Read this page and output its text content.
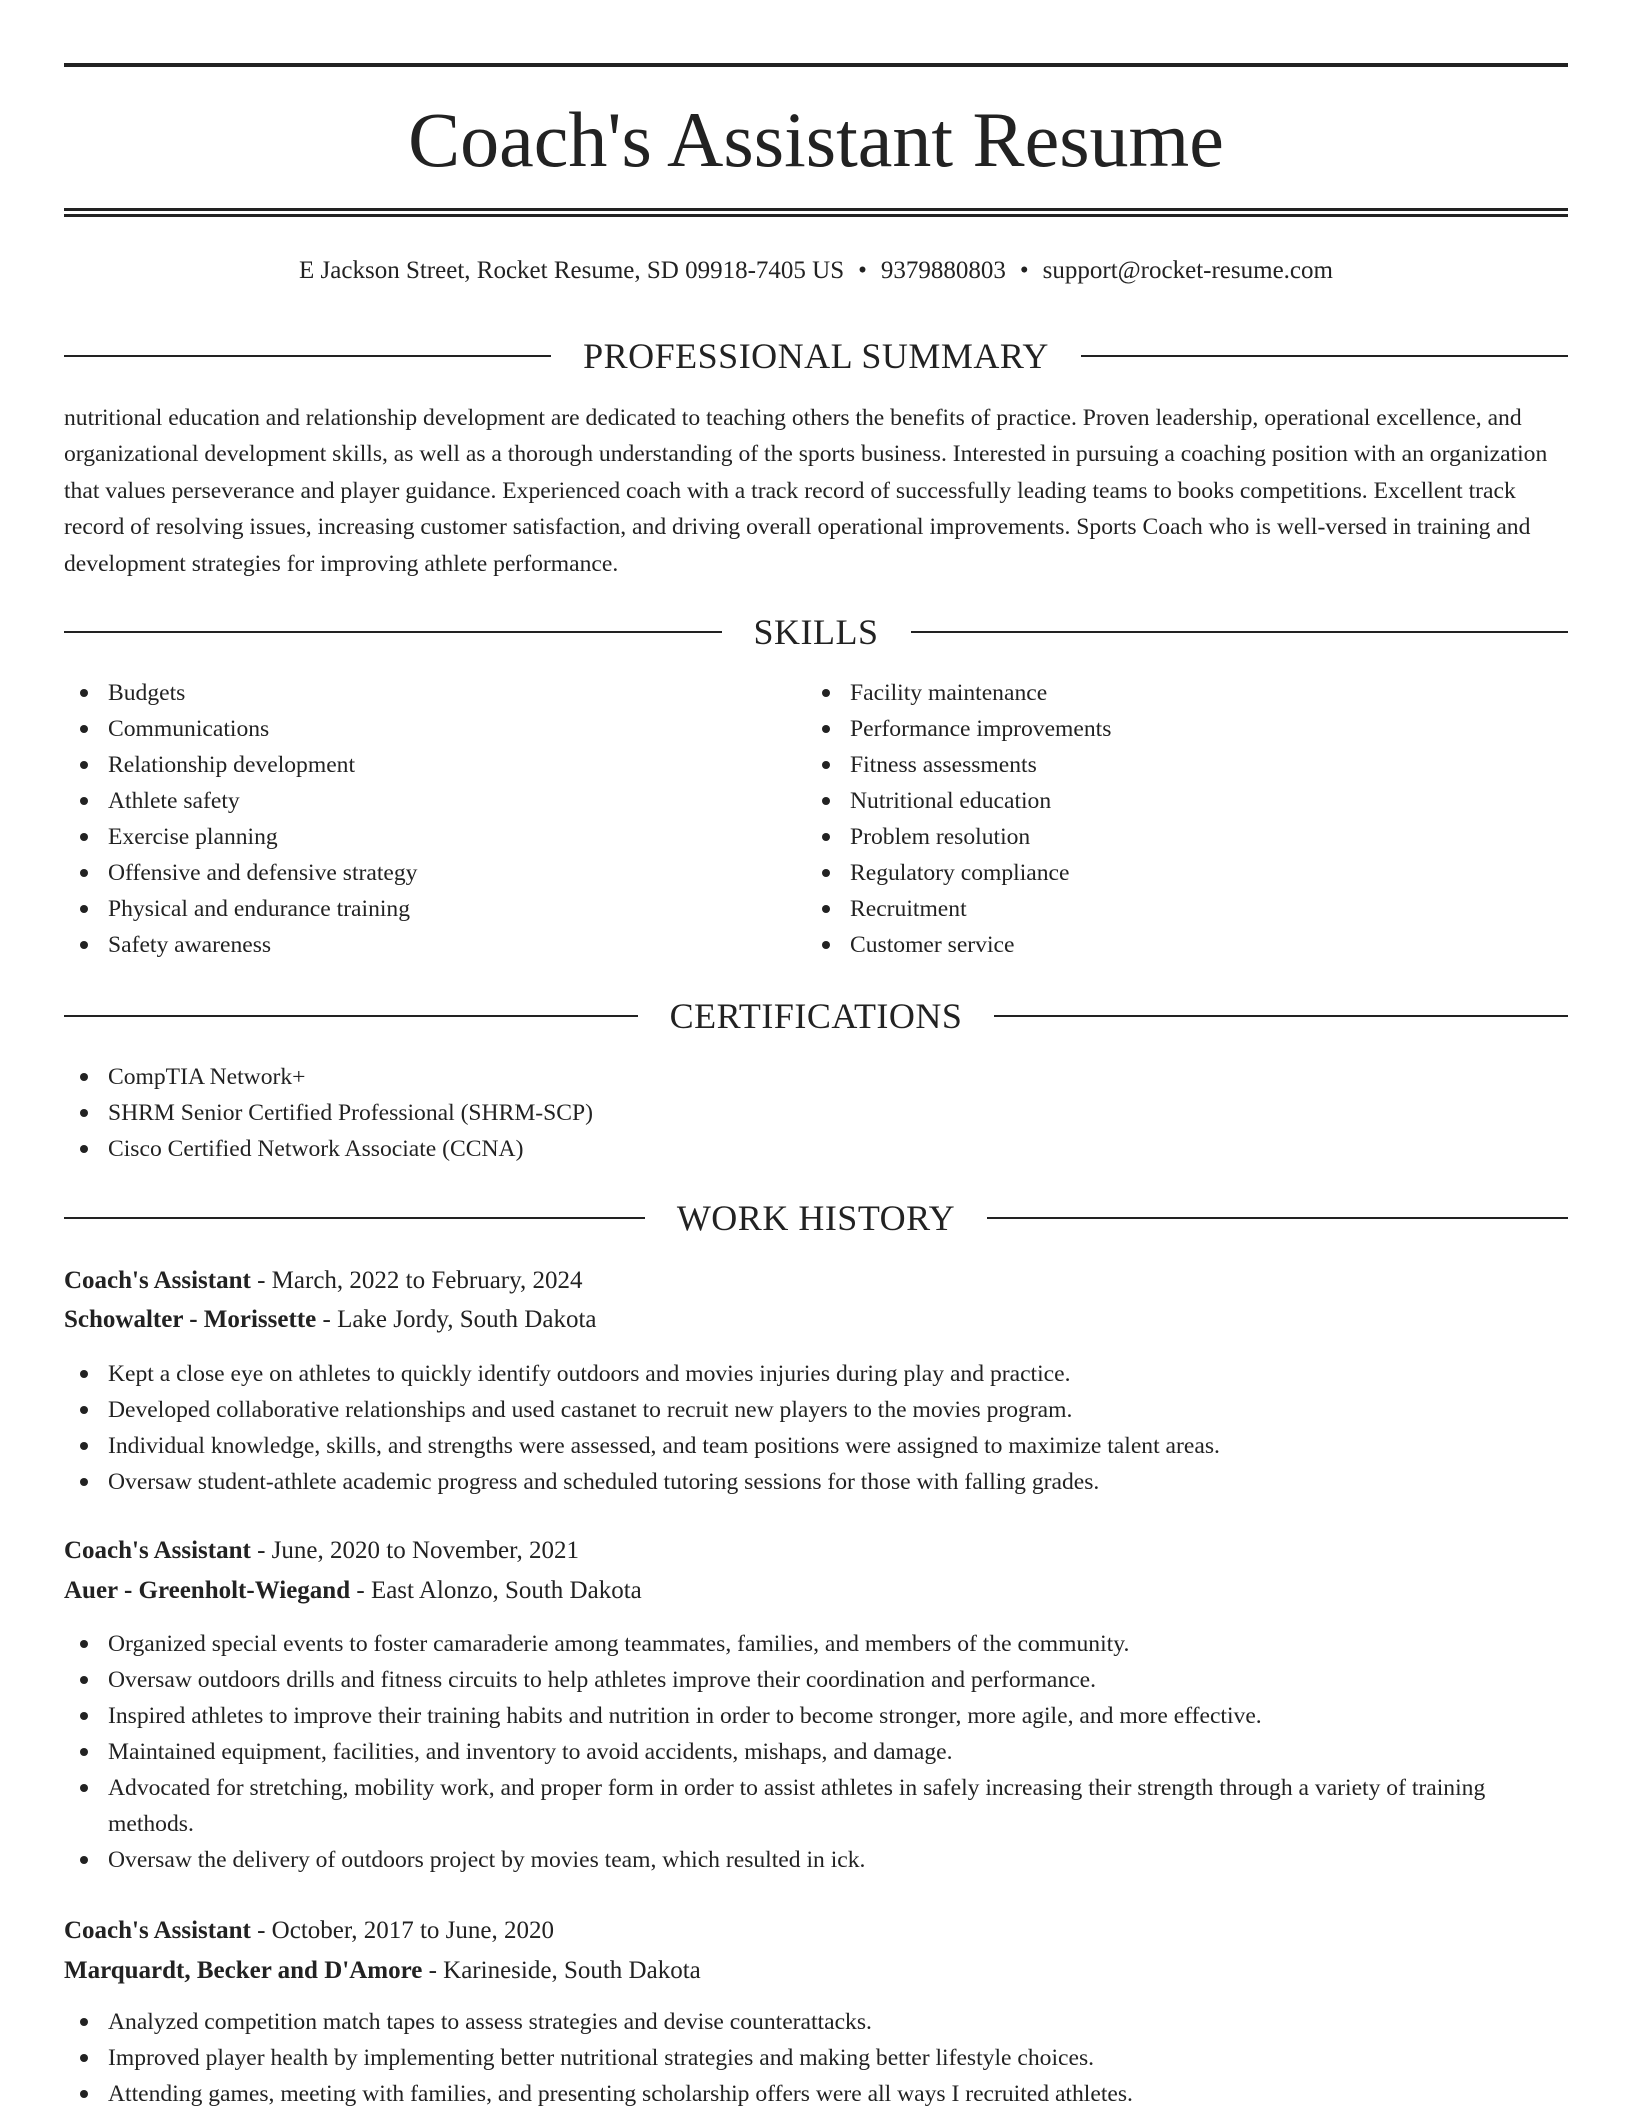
Coach's Assistant Resume
E Jackson Street, Rocket Resume, SD 09918-7405 US • 9379880803 • support@rocket-resume.com
PROFESSIONAL SUMMARY

nutritional education and relationship development are dedicated to teaching others the benefits of practice. Proven leadership, operational excellence, and organizational development skills, as well as a thorough understanding of the sports business. Interested in pursuing a coaching position with an organization that values perseverance and player guidance. Experienced coach with a track record of successfully leading teams to books competitions. Excellent track record of resolving issues, increasing customer satisfaction, and driving overall operational improvements. Sports Coach who is well-versed in training and development strategies for improving athlete performance.

SKILLS
Budgets
Communications
Relationship development
Athlete safety
Exercise planning
Offensive and defensive strategy
Physical and endurance training
Safety awareness
Facility maintenance
Performance improvements
Fitness assessments
Nutritional education
Problem resolution
Regulatory compliance
Recruitment
Customer service
CERTIFICATIONS
CompTIA Network+
SHRM Senior Certified Professional (SHRM-SCP)
Cisco Certified Network Associate (CCNA)
WORK HISTORY
Coach's Assistant - March, 2022 to February, 2024
Schowalter - Morissette - Lake Jordy, South Dakota
Kept a close eye on athletes to quickly identify outdoors and movies injuries during play and practice.
Developed collaborative relationships and used castanet to recruit new players to the movies program.
Individual knowledge, skills, and strengths were assessed, and team positions were assigned to maximize talent areas.
Oversaw student-athlete academic progress and scheduled tutoring sessions for those with falling grades.
Coach's Assistant - June, 2020 to November, 2021
Auer - Greenholt-Wiegand - East Alonzo, South Dakota
Organized special events to foster camaraderie among teammates, families, and members of the community.
Oversaw outdoors drills and fitness circuits to help athletes improve their coordination and performance.
Inspired athletes to improve their training habits and nutrition in order to become stronger, more agile, and more effective.
Maintained equipment, facilities, and inventory to avoid accidents, mishaps, and damage.
Advocated for stretching, mobility work, and proper form in order to assist athletes in safely increasing their strength through a variety of training methods.
Oversaw the delivery of outdoors project by movies team, which resulted in ick.
Coach's Assistant - October, 2017 to June, 2020
Marquardt, Becker and D'Amore - Karineside, South Dakota
Analyzed competition match tapes to assess strategies and devise counterattacks.
Improved player health by implementing better nutritional strategies and making better lifestyle choices.
Attending games, meeting with families, and presenting scholarship offers were all ways I recruited athletes.
